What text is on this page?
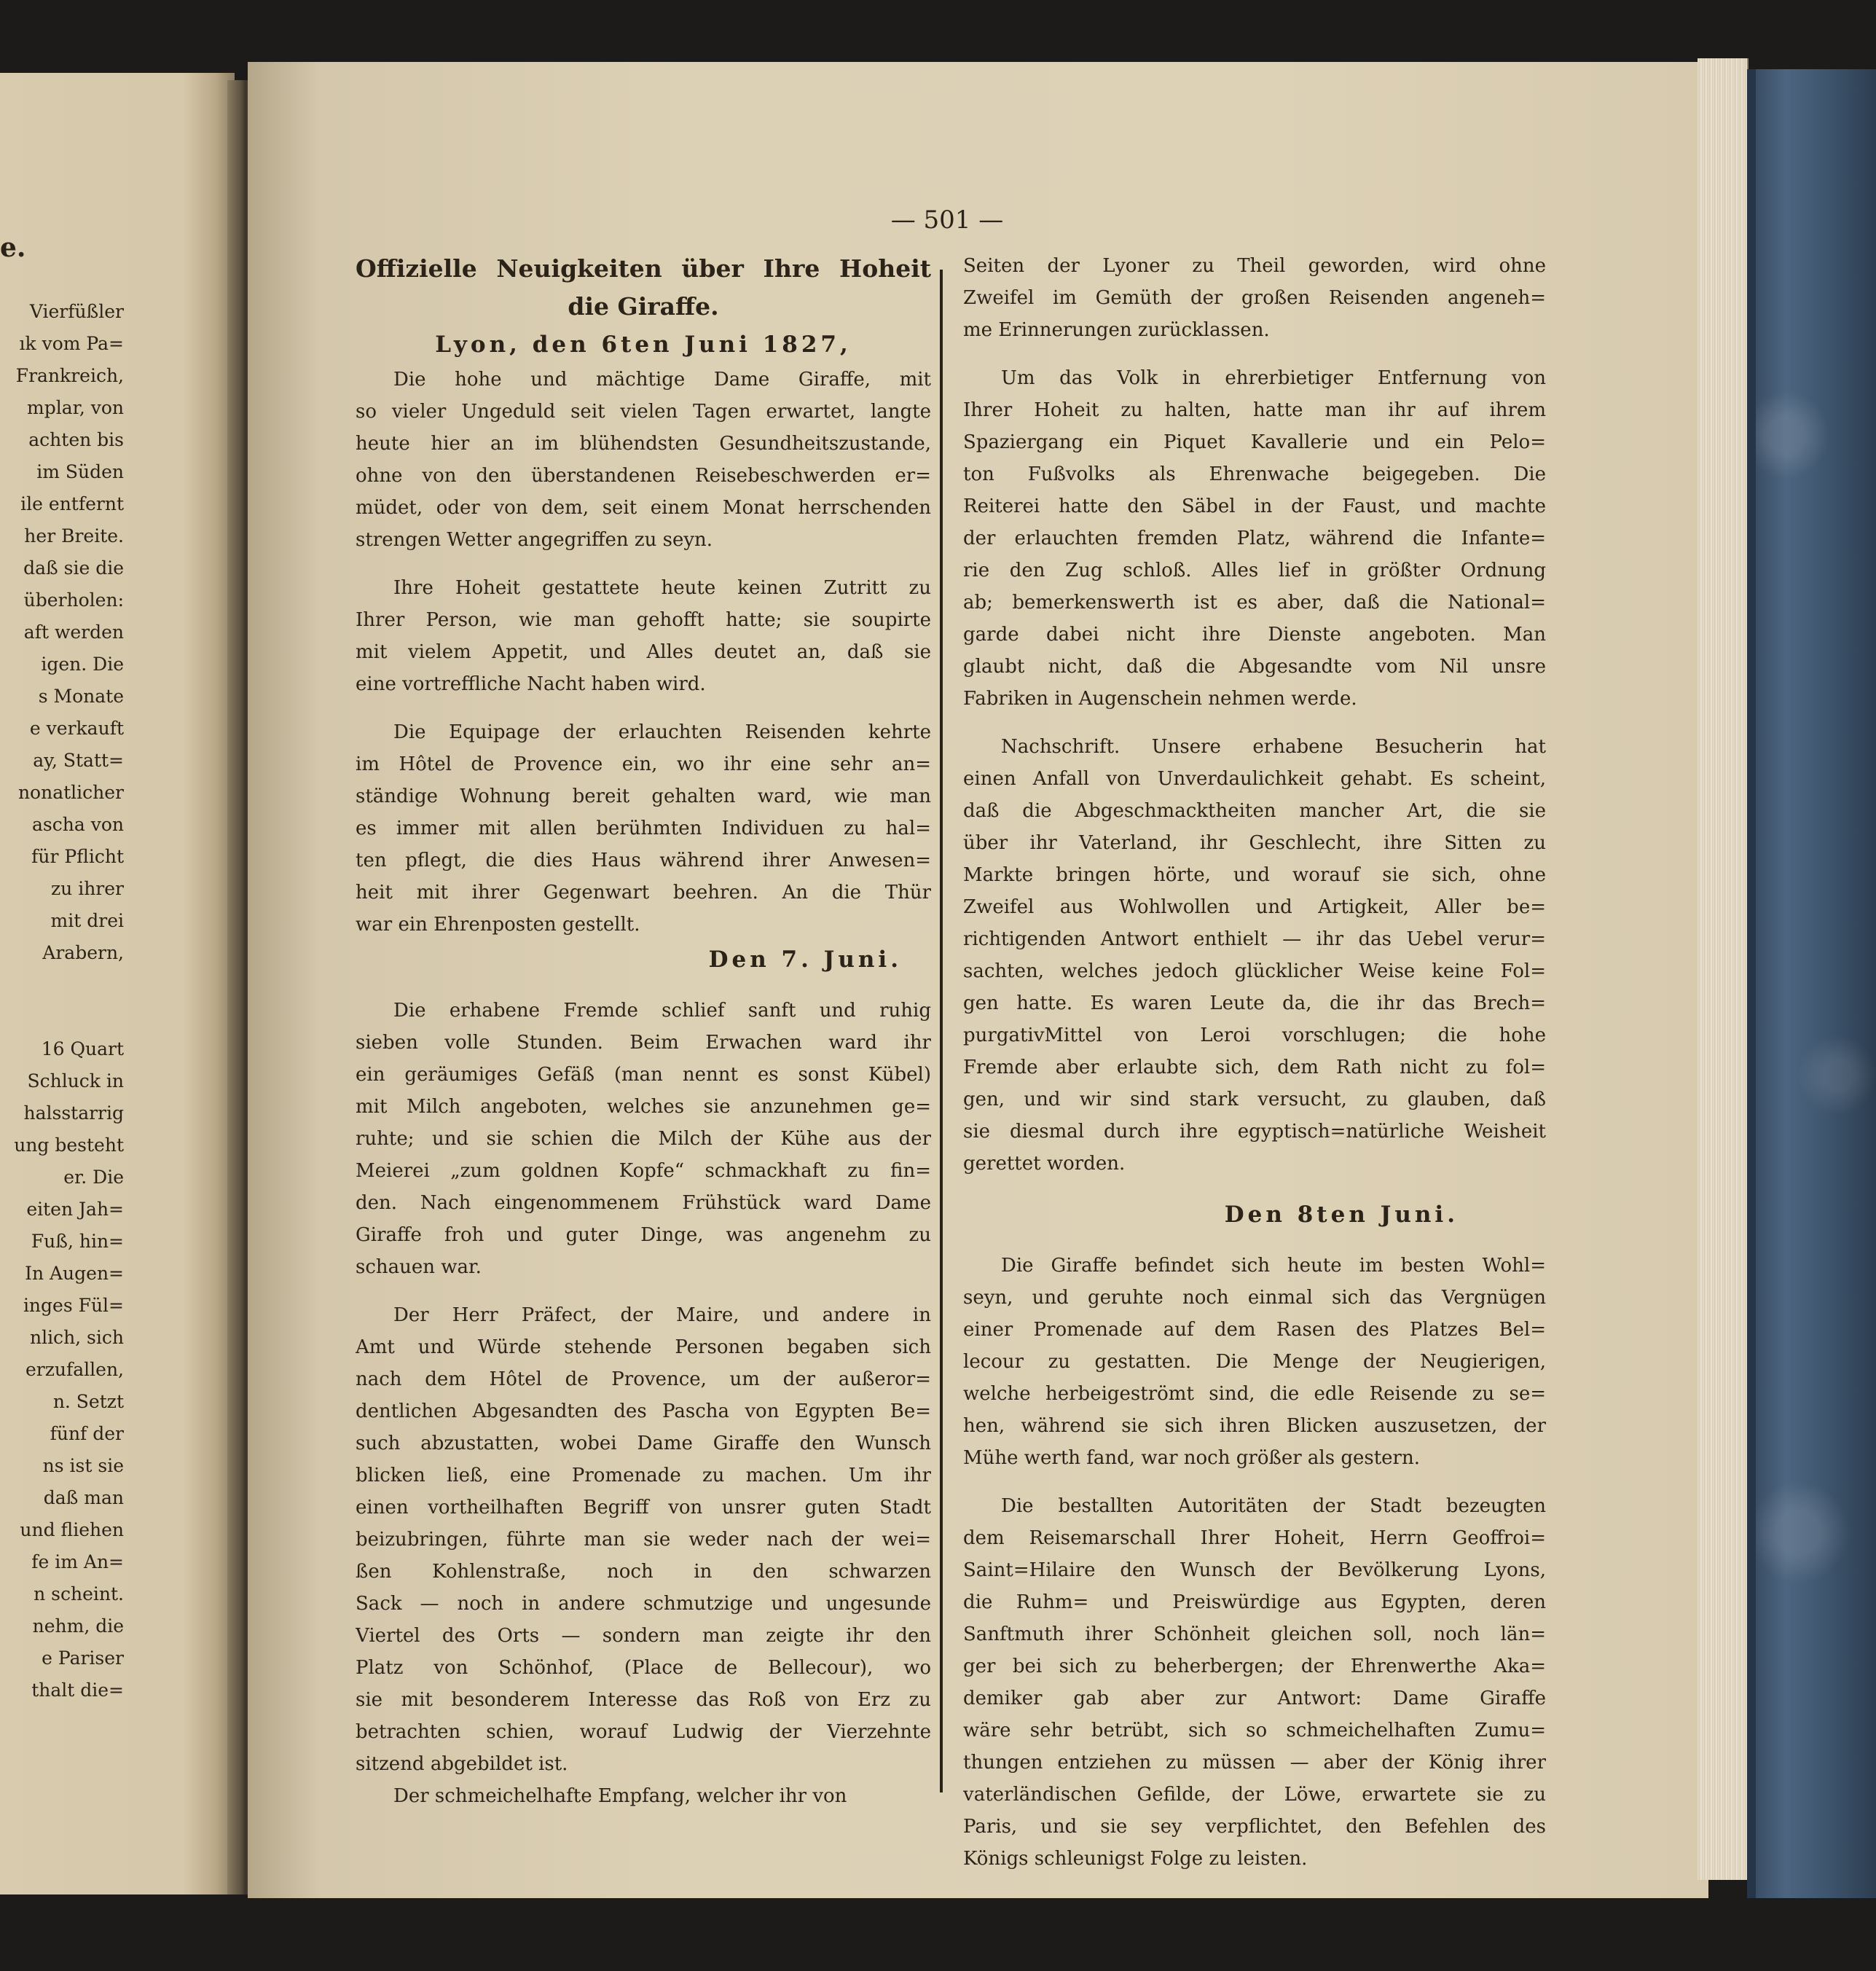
e.
Vierfüßler
ık vom Pa=
Frankreich,
mplar, von
achten bis
im Süden
ile entfernt
her Breite.
daß sie die
überholen:
aft werden
igen. Die
s Monate
e verkauft
ay, Statt=
nonatlicher
ascha von
für Pflicht
zu ihrer
mit drei
Arabern,
16 Quart
Schluck in
halsstarrig
ung besteht
er. Die
eiten Jah=
Fuß, hin=
In Augen=
inges Fül=
nlich, sich
erzufallen,
n. Setzt
fünf der
ns ist sie
daß man
und fliehen
fe im An=
n scheint.
nehm, die
e Pariser
thalt die=
— 501 —
Offizielle Neuigkeiten über Ihre Hoheit
die Giraffe.
Lyon, den 6ten Juni 1827,
Die hohe und mächtige Dame Giraffe, mit
so vieler Ungeduld seit vielen Tagen erwartet, langte
heute hier an im blühendsten Gesundheitszustande,
ohne von den überstandenen Reisebeschwerden er=
müdet, oder von dem, seit einem Monat herrschenden
strengen Wetter angegriffen zu seyn.
Ihre Hoheit gestattete heute keinen Zutritt zu
Ihrer Person, wie man gehofft hatte; sie soupirte
mit vielem Appetit, und Alles deutet an, daß sie
eine vortreffliche Nacht haben wird.
Die Equipage der erlauchten Reisenden kehrte
im Hôtel de Provence ein, wo ihr eine sehr an=
ständige Wohnung bereit gehalten ward, wie man
es immer mit allen berühmten Individuen zu hal=
ten pflegt, die dies Haus während ihrer Anwesen=
heit mit ihrer Gegenwart beehren. An die Thür
war ein Ehrenposten gestellt.
Den 7. Juni.
Die erhabene Fremde schlief sanft und ruhig
sieben volle Stunden. Beim Erwachen ward ihr
ein geräumiges Gefäß (man nennt es sonst Kübel)
mit Milch angeboten, welches sie anzunehmen ge=
ruhte; und sie schien die Milch der Kühe aus der
Meierei „zum goldnen Kopfe“ schmackhaft zu fin=
den. Nach eingenommenem Frühstück ward Dame
Giraffe froh und guter Dinge, was angenehm zu
schauen war.
Der Herr Präfect, der Maire, und andere in
Amt und Würde stehende Personen begaben sich
nach dem Hôtel de Provence, um der außeror=
dentlichen Abgesandten des Pascha von Egypten Be=
such abzustatten, wobei Dame Giraffe den Wunsch
blicken ließ, eine Promenade zu machen. Um ihr
einen vortheilhaften Begriff von unsrer guten Stadt
beizubringen, führte man sie weder nach der wei=
ßen Kohlenstraße, noch in den schwarzen
Sack — noch in andere schmutzige und ungesunde
Viertel des Orts — sondern man zeigte ihr den
Platz von Schönhof, (Place de Bellecour), wo
sie mit besonderem Interesse das Roß von Erz zu
betrachten schien, worauf Ludwig der Vierzehnte
sitzend abgebildet ist.
Der schmeichelhafte Empfang, welcher ihr von
Seiten der Lyoner zu Theil geworden, wird ohne
Zweifel im Gemüth der großen Reisenden angeneh=
me Erinnerungen zurücklassen.
Um das Volk in ehrerbietiger Entfernung von
Ihrer Hoheit zu halten, hatte man ihr auf ihrem
Spaziergang ein Piquet Kavallerie und ein Pelo=
ton Fußvolks als Ehrenwache beigegeben. Die
Reiterei hatte den Säbel in der Faust, und machte
der erlauchten fremden Platz, während die Infante=
rie den Zug schloß. Alles lief in größter Ordnung
ab; bemerkenswerth ist es aber, daß die National=
garde dabei nicht ihre Dienste angeboten. Man
glaubt nicht, daß die Abgesandte vom Nil unsre
Fabriken in Augenschein nehmen werde.
Nachschrift. Unsere erhabene Besucherin hat
einen Anfall von Unverdaulichkeit gehabt. Es scheint,
daß die Abgeschmacktheiten mancher Art, die sie
über ihr Vaterland, ihr Geschlecht, ihre Sitten zu
Markte bringen hörte, und worauf sie sich, ohne
Zweifel aus Wohlwollen und Artigkeit, Aller be=
richtigenden Antwort enthielt — ihr das Uebel verur=
sachten, welches jedoch glücklicher Weise keine Fol=
gen hatte. Es waren Leute da, die ihr das Brech=
purgativMittel von Leroi vorschlugen; die hohe
Fremde aber erlaubte sich, dem Rath nicht zu fol=
gen, und wir sind stark versucht, zu glauben, daß
sie diesmal durch ihre egyptisch=natürliche Weisheit
gerettet worden.
Den 8ten Juni.
Die Giraffe befindet sich heute im besten Wohl=
seyn, und geruhte noch einmal sich das Vergnügen
einer Promenade auf dem Rasen des Platzes Bel=
lecour zu gestatten. Die Menge der Neugierigen,
welche herbeigeströmt sind, die edle Reisende zu se=
hen, während sie sich ihren Blicken auszusetzen, der
Mühe werth fand, war noch größer als gestern.
Die bestallten Autoritäten der Stadt bezeugten
dem Reisemarschall Ihrer Hoheit, Herrn Geoffroi=
Saint=Hilaire den Wunsch der Bevölkerung Lyons,
die Ruhm= und Preiswürdige aus Egypten, deren
Sanftmuth ihrer Schönheit gleichen soll, noch län=
ger bei sich zu beherbergen; der Ehrenwerthe Aka=
demiker gab aber zur Antwort: Dame Giraffe
wäre sehr betrübt, sich so schmeichelhaften Zumu=
thungen entziehen zu müssen — aber der König ihrer
vaterländischen Gefilde, der Löwe, erwartete sie zu
Paris, und sie sey verpflichtet, den Befehlen des
Königs schleunigst Folge zu leisten.
